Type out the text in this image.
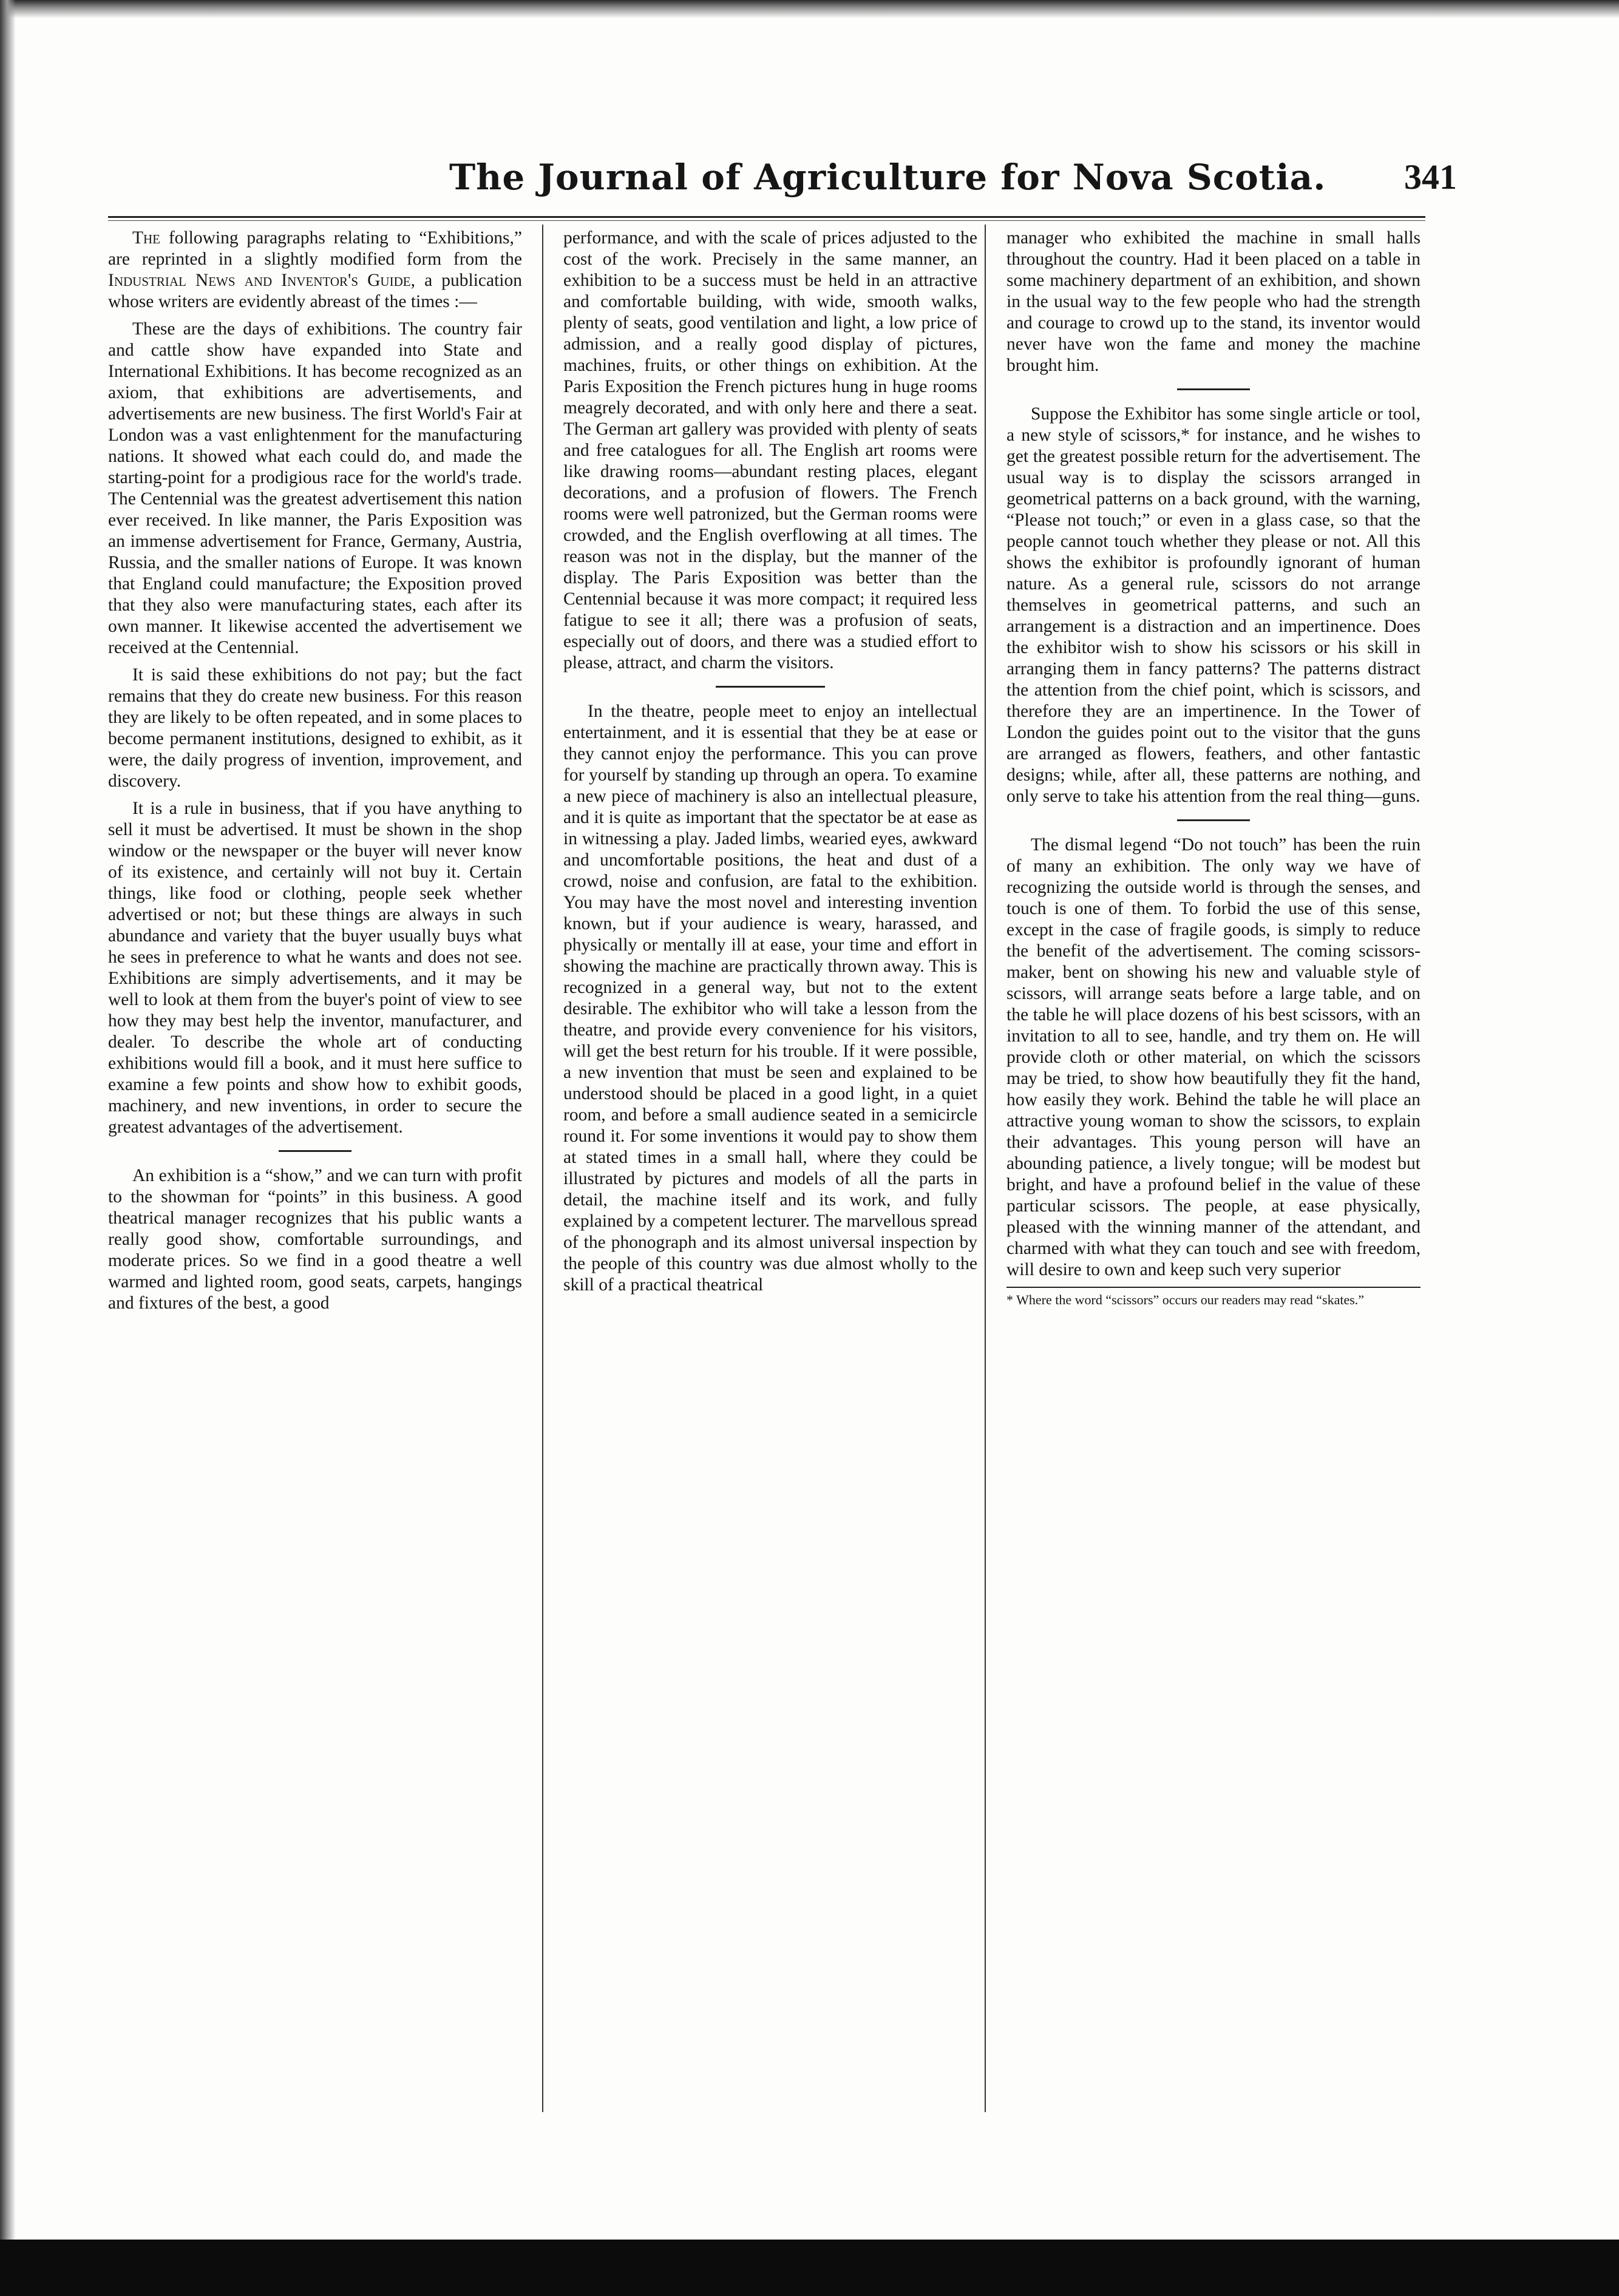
The Journal of Agriculture for Nova Scotia. 341

The following paragraphs relating to “Exhibitions,” are reprinted in a slightly modified form from the Industrial News and Inventor's Guide, a publication whose writers are evidently abreast of the times :—

These are the days of exhibitions. The country fair and cattle show have expanded into State and International Exhibitions. It has become recognized as an axiom, that exhibitions are advertisements, and advertisements are new business. The first World's Fair at London was a vast enlightenment for the manufacturing nations. It showed what each could do, and made the starting-point for a prodigious race for the world's trade. The Centennial was the greatest advertisement this nation ever received. In like manner, the Paris Exposition was an immense advertisement for France, Germany, Austria, Russia, and the smaller nations of Europe. It was known that England could manufacture; the Exposition proved that they also were manufacturing states, each after its own manner. It likewise accented the advertisement we received at the Centennial.

It is said these exhibitions do not pay; but the fact remains that they do create new business. For this reason they are likely to be often repeated, and in some places to become permanent institutions, designed to exhibit, as it were, the daily progress of invention, improvement, and discovery.

It is a rule in business, that if you have anything to sell it must be advertised. It must be shown in the shop window or the newspaper or the buyer will never know of its existence, and certainly will not buy it. Certain things, like food or clothing, people seek whether advertised or not; but these things are always in such abundance and variety that the buyer usually buys what he sees in preference to what he wants and does not see. Exhibitions are simply advertisements, and it may be well to look at them from the buyer's point of view to see how they may best help the inventor, manufacturer, and dealer. To describe the whole art of conducting exhibitions would fill a book, and it must here suffice to examine a few points and show how to exhibit goods, machinery, and new inventions, in order to secure the greatest advantages of the advertisement.

An exhibition is a “show,” and we can turn with profit to the showman for “points” in this business. A good theatrical manager recognizes that his public wants a really good show, comfortable surroundings, and moderate prices. So we find in a good theatre a well warmed and lighted room, good seats, carpets, hangings and fixtures of the best, a good

performance, and with the scale of prices adjusted to the cost of the work. Precisely in the same manner, an exhibition to be a success must be held in an attractive and comfortable building, with wide, smooth walks, plenty of seats, good ventilation and light, a low price of admission, and a really good display of pictures, machines, fruits, or other things on exhibition. At the Paris Exposition the French pictures hung in huge rooms meagrely decorated, and with only here and there a seat. The German art gallery was provided with plenty of seats and free catalogues for all. The English art rooms were like drawing rooms—abundant resting places, elegant decorations, and a profusion of flowers. The French rooms were well patronized, but the German rooms were crowded, and the English overflowing at all times. The reason was not in the display, but the manner of the display. The Paris Exposition was better than the Centennial because it was more compact; it required less fatigue to see it all; there was a profusion of seats, especially out of doors, and there was a studied effort to please, attract, and charm the visitors.

In the theatre, people meet to enjoy an intellectual entertainment, and it is essential that they be at ease or they cannot enjoy the performance. This you can prove for yourself by standing up through an opera. To examine a new piece of machinery is also an intellectual pleasure, and it is quite as important that the spectator be at ease as in witnessing a play. Jaded limbs, wearied eyes, awkward and uncomfortable positions, the heat and dust of a crowd, noise and confusion, are fatal to the exhibition. You may have the most novel and interesting invention known, but if your audience is weary, harassed, and physically or mentally ill at ease, your time and effort in showing the machine are practically thrown away. This is recognized in a general way, but not to the extent desirable. The exhibitor who will take a lesson from the theatre, and provide every convenience for his visitors, will get the best return for his trouble. If it were possible, a new invention that must be seen and explained to be understood should be placed in a good light, in a quiet room, and before a small audience seated in a semicircle round it. For some inventions it would pay to show them at stated times in a small hall, where they could be illustrated by pictures and models of all the parts in detail, the machine itself and its work, and fully explained by a competent lecturer. The marvellous spread of the phonograph and its almost universal inspection by the people of this country was due almost wholly to the skill of a practical theatrical

manager who exhibited the machine in small halls throughout the country. Had it been placed on a table in some machinery department of an exhibition, and shown in the usual way to the few people who had the strength and courage to crowd up to the stand, its inventor would never have won the fame and money the machine brought him.

Suppose the Exhibitor has some single article or tool, a new style of scissors,* for instance, and he wishes to get the greatest possible return for the advertisement. The usual way is to display the scissors arranged in geometrical patterns on a back ground, with the warning, “Please not touch;” or even in a glass case, so that the people cannot touch whether they please or not. All this shows the exhibitor is profoundly ignorant of human nature. As a general rule, scissors do not arrange themselves in geometrical patterns, and such an arrangement is a distraction and an impertinence. Does the exhibitor wish to show his scissors or his skill in arranging them in fancy patterns? The patterns distract the attention from the chief point, which is scissors, and therefore they are an impertinence. In the Tower of London the guides point out to the visitor that the guns are arranged as flowers, feathers, and other fantastic designs; while, after all, these patterns are nothing, and only serve to take his attention from the real thing—guns.

The dismal legend “Do not touch” has been the ruin of many an exhibition. The only way we have of recognizing the outside world is through the senses, and touch is one of them. To forbid the use of this sense, except in the case of fragile goods, is simply to reduce the benefit of the advertisement. The coming scissors-maker, bent on showing his new and valuable style of scissors, will arrange seats before a large table, and on the table he will place dozens of his best scissors, with an invitation to all to see, handle, and try them on. He will provide cloth or other material, on which the scissors may be tried, to show how beautifully they fit the hand, how easily they work. Behind the table he will place an attractive young woman to show the scissors, to explain their advantages. This young person will have an abounding patience, a lively tongue; will be modest but bright, and have a profound belief in the value of these particular scissors. The people, at ease physically, pleased with the winning manner of the attendant, and charmed with what they can touch and see with freedom, will desire to own and keep such very superior

* Where the word “scissors” occurs our readers may read “skates.”
